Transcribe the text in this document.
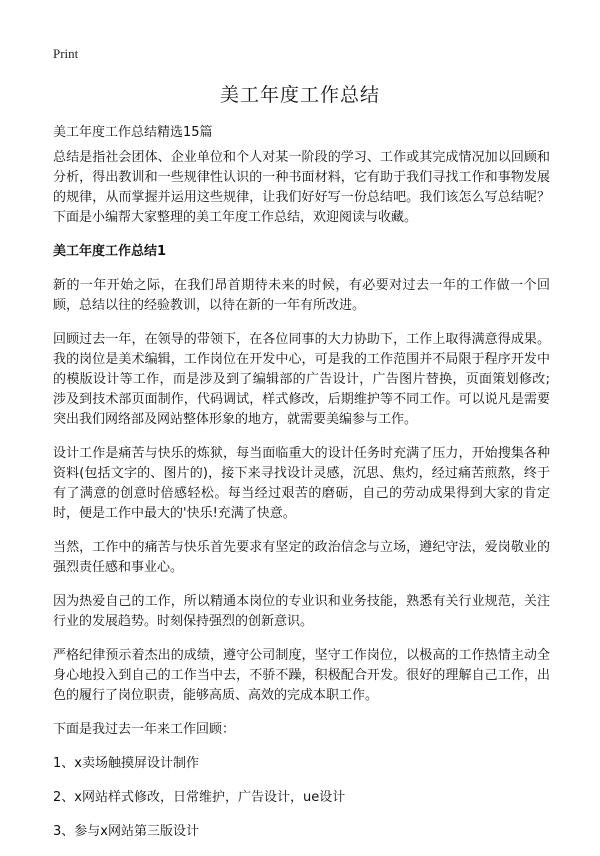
Print
美工年度工作总结

美工年度工作总结精选15篇

总结是指社会团体、企业单位和个人对某一阶段的学习、工作或其完成情况加以回顾和分析，得出教训和一些规律性认识的一种书面材料，它有助于我们寻找工作和事物发展的规律，从而掌握并运用这些规律，让我们好好写一份总结吧。我们该怎么写总结呢？下面是小编帮大家整理的美工年度工作总结，欢迎阅读与收藏。

美工年度工作总结1

新的一年开始之际，在我们昂首期待未来的时候，有必要对过去一年的工作做一个回顾，总结以往的经验教训，以待在新的一年有所改进。

回顾过去一年，在领导的带领下，在各位同事的大力协助下，工作上取得满意得成果。我的岗位是美术编辑，工作岗位在开发中心，可是我的工作范围并不局限于程序开发中的模版设计等工作，而是涉及到了编辑部的广告设计，广告图片替换，页面策划修改;涉及到技术部页面制作，代码调试，样式修改，后期维护等不同工作。可以说凡是需要突出我们网络部及网站整体形象的地方，就需要美编参与工作。

设计工作是痛苦与快乐的炼狱，每当面临重大的设计任务时充满了压力，开始搜集各种资料(包括文字的、图片的)，接下来寻找设计灵感，沉思、焦灼，经过痛苦煎熬，终于有了满意的创意时倍感轻松。每当经过艰苦的磨砺，自己的劳动成果得到大家的肯定时，便是工作中最大的'快乐!充满了快意。

当然，工作中的痛苦与快乐首先要求有坚定的政治信念与立场，遵纪守法，爱岗敬业的强烈责任感和事业心。

因为热爱自己的工作，所以精通本岗位的专业识和业务技能，熟悉有关行业规范，关注行业的发展趋势。时刻保持强烈的创新意识。

严格纪律预示着杰出的成绩，遵守公司制度，坚守工作岗位，以极高的工作热情主动全身心地投入到自己的工作当中去，不骄不躁，积极配合开发。很好的理解自己工作，出色的履行了岗位职责，能够高质、高效的完成本职工作。

下面是我过去一年来工作回顾：

1、x卖场触摸屏设计制作
2、x网站样式修改，日常维护，广告设计，ue设计
3、参与x网站第三版设计
